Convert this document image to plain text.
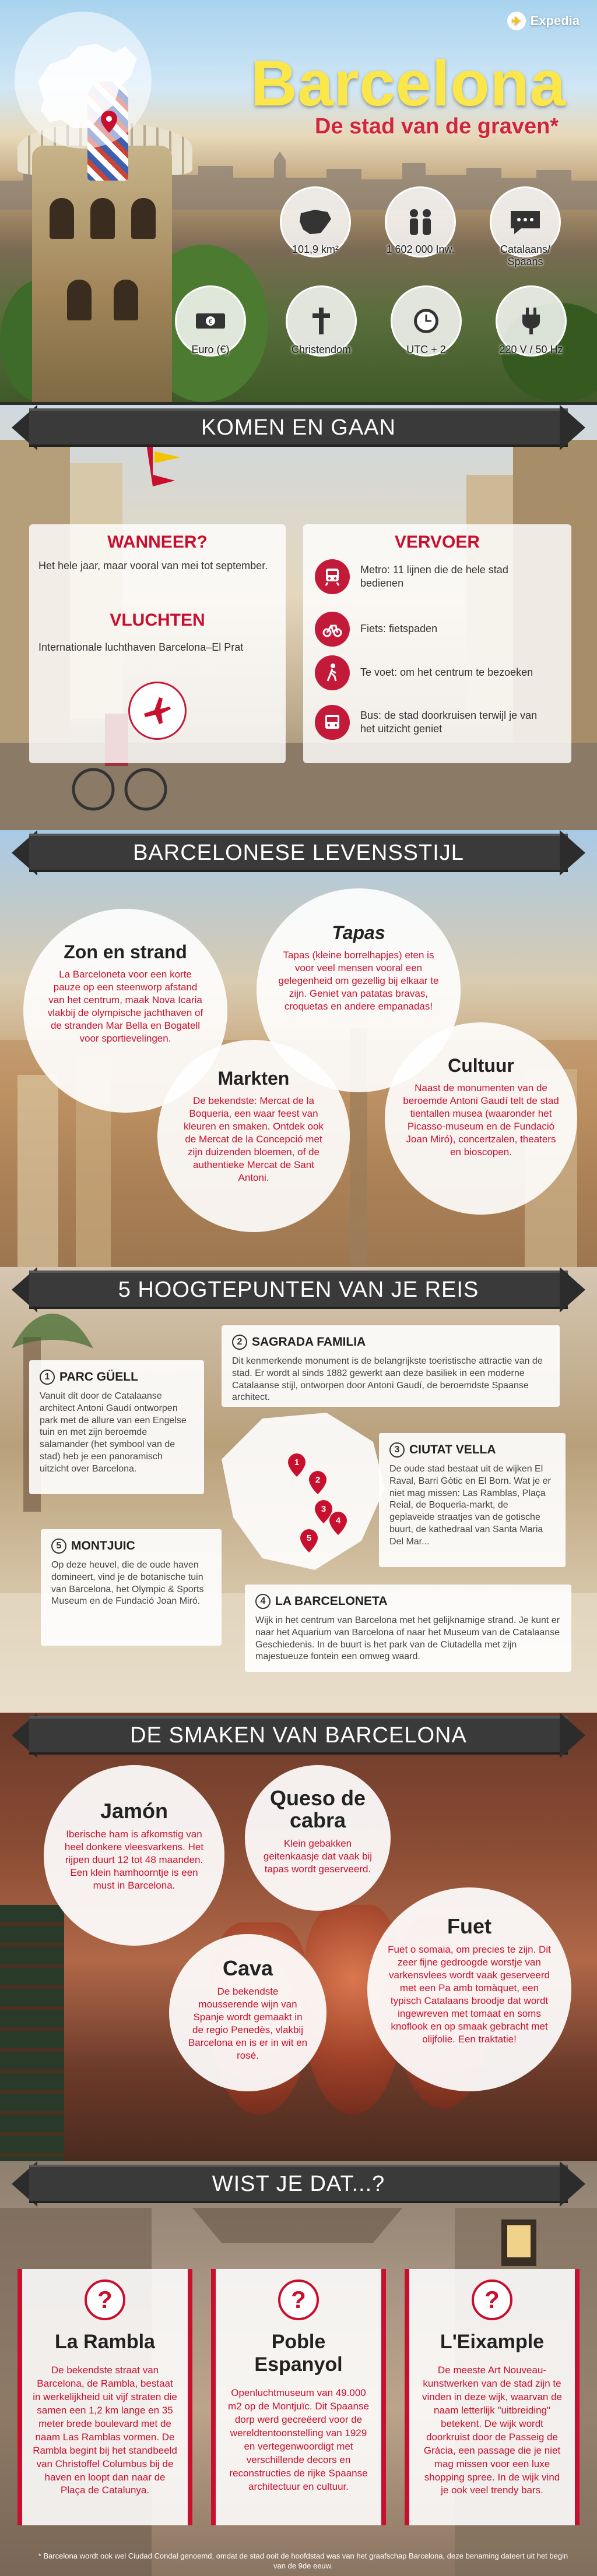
✈ Expedia
Barcelona
De stad van de graven*
101,9 km²	1 602 000 Inw.	Catalaans/ Spaans
€
Euro (€)	Christendom	UTC + 2	220 V / 50 Hz
KOMEN EN GAAN
WANNEER?
Het hele jaar, maar vooral van mei tot september.
VLUCHTEN
Internationale luchthaven Barcelona–El Prat
VERVOER
Metro: 11 lijnen die de hele stad bedienen
Fiets: fietspaden
Te voet: om het centrum te bezoeken
Bus: de stad doorkruisen terwijl je van het uitzicht geniet
BARCELONESE LEVENSSTIJL
Zon en strand

La Barceloneta voor een korte pauze op een steenworp afstand van het centrum, maak Nova Icaria vlakbij de olympische jachthaven of de stranden Mar Bella en Bogatell voor sportievelingen.

Tapas

Tapas (kleine borrelhapjes) eten is voor veel mensen vooral een gelegenheid om gezellig bij elkaar te zijn. Geniet van patatas bravas, croquetas en andere empanadas!

Markten

De bekendste: Mercat de la Boqueria, een waar feest van kleuren en smaken. Ontdek ook de Mercat de la Concepció met zijn duizenden bloemen, of de authentieke Mercat de Sant Antoni.

Cultuur

Naast de monumenten van de beroemde Antoni Gaudí telt de stad tientallen musea (waaronder het Picasso-museum en de Fundació Joan Miró), concertzalen, theaters en bioscopen.

5 HOOGTEPUNTEN VAN JE REIS
1
2
3
4
5
1 PARC GÜELL
Vanuit dit door de Catalaanse architect Antoni Gaudí ontworpen park met de allure van een Engelse tuin en met zijn beroemde salamander (het symbool van de stad) heb je een panoramisch uitzicht over Barcelona.
2 SAGRADA FAMILIA
Dit kenmerkende monument is de belangrijkste toeristische attractie van de stad. Er wordt al sinds 1882 gewerkt aan deze basiliek in een moderne Catalaanse stijl, ontworpen door Antoni Gaudí, de beroemdste Spaanse architect.
3 CIUTAT VELLA
De oude stad bestaat uit de wijken El Raval, Barri Gòtic en El Born. Wat je er niet mag missen: Las Ramblas, Plaça Reial, de Boqueria-markt, de geplaveide straatjes van de gotische buurt, de kathedraal van Santa Maria Del Mar...
5 MONTJUIC
Op deze heuvel, die de oude haven domineert, vind je de botanische tuin van Barcelona, het Olympic & Sports Museum en de Fundació Joan Miró.	4 LA BARCELONETA
Wijk in het centrum van Barcelona met het gelijknamige strand. Je kunt er naar het Aquarium van Barcelona of naar het Museum van de Catalaanse Geschiedenis. In de buurt is het park van de Ciutadella met zijn majestueuze fontein een omweg waard.
DE SMAKEN VAN BARCELONA
Jamón

Iberische ham is afkomstig van heel donkere vleesvarkens. Het rijpen duurt 12 tot 48 maanden. Een klein hamhoorntje is een must in Barcelona.

Queso de cabra

Klein gebakken geitenkaasje dat vaak bij tapas wordt geserveerd.

Cava

De bekendste mousserende wijn van Spanje wordt gemaakt in de regio Penedès, vlakbij Barcelona en is er in wit en rosé.

Fuet

Fuet o somaia, om precies te zijn. Dit zeer fijne gedroogde worstje van varkensvlees wordt vaak geserveerd met een Pa amb tomàquet, een typisch Catalaans broodje dat wordt ingewreven met tomaat en soms knoflook en op smaak gebracht met olijfolie. Een traktatie!

WIST JE DAT...?
?
La Rambla

De bekendste straat van Barcelona, de Rambla, bestaat in werkelijkheid uit vijf straten die samen een 1,2 km lange en 35 meter brede boulevard met de naam Las Ramblas vormen. De Rambla begint bij het standbeeld van Christoffel Columbus bij de haven en loopt dan naar de Plaça de Catalunya.

?
Poble Espanyol

Openluchtmuseum van 49.000 m2 op de Montjuïc. Dit Spaanse dorp werd gecreëerd voor de wereldtentoonstelling van 1929 en vertegenwoordigt met verschillende decors en reconstructies de rijke Spaanse architectuur en cultuur.

?
L'Eixample

De meeste Art Nouveau-kunstwerken van de stad zijn te vinden in deze wijk, waarvan de naam letterlijk "uitbreiding" betekent. De wijk wordt doorkruist door de Passeig de Gràcia, een passage die je niet mag missen voor een luxe shopping spree. In de wijk vind je ook veel trendy bars.

* Barcelona wordt ook wel Ciudad Condal genoemd, omdat de stad ooit de hoofdstad was van het graafschap Barcelona, deze benaming dateert uit het begin van de 9de eeuw.
